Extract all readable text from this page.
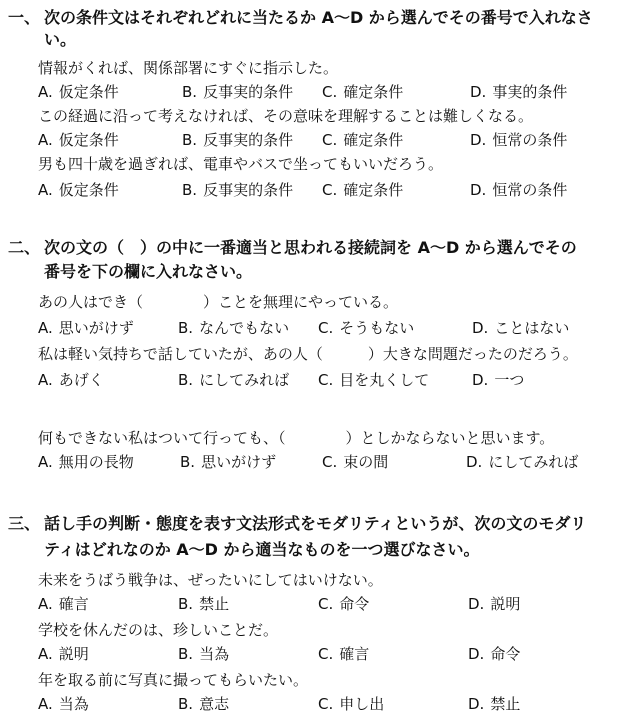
一、 次の条件文はそれぞれどれに当たるか A～D から選んでその番号で入れなさ
い。
情報がくれば、関係部署にすぐに指示した。
A. 仮定条件	B. 反事実的条件 C. 確定条件	D. 事実的条件
この経過に沿って考えなければ、その意味を理解することは難しくなる。
A. 仮定条件	B. 反事実的条件 C. 確定条件	D. 恒常の条件
男も四十歳を過ぎれば、電車やバスで坐ってもいいだろう。
A. 仮定条件	B. 反事実的条件 C. 確定条件	D. 恒常の条件
二、 次の文の（　）の中に一番適当と思われる接続詞を A～D から選んでその
番号を下の欄に入れなさい。
あの人はでき（　　　　）ことを無理にやっている。
A. 思いがけず	B. なんでもない C. そうもない	D. ことはない
私は軽い気持ちで話していたが、あの人（　　　）大きな問題だったのだろう。
A. あげく	B. にしてみれば C. 目を丸くして	D. 一つ
何もできない私はついて行っても、（　　　　）としかならないと思います。
A. 無用の長物	B. 思いがけず	C. 束の間	D. にしてみれば
三、 話し手の判断・態度を表す文法形式をモダリティというが、次の文のモダリ
ティはどれなのか A～D から適当なものを一つ選びなさい。
未来をうばう戦争は、ぜったいにしてはいけない。
A. 確言	B. 禁止	C. 命令	D. 説明
学校を休んだのは、珍しいことだ。
A. 説明	B. 当為	C. 確言	D. 命令
年を取る前に写真に撮ってもらいたい。
A. 当為	B. 意志	C. 申し出	D. 禁止
